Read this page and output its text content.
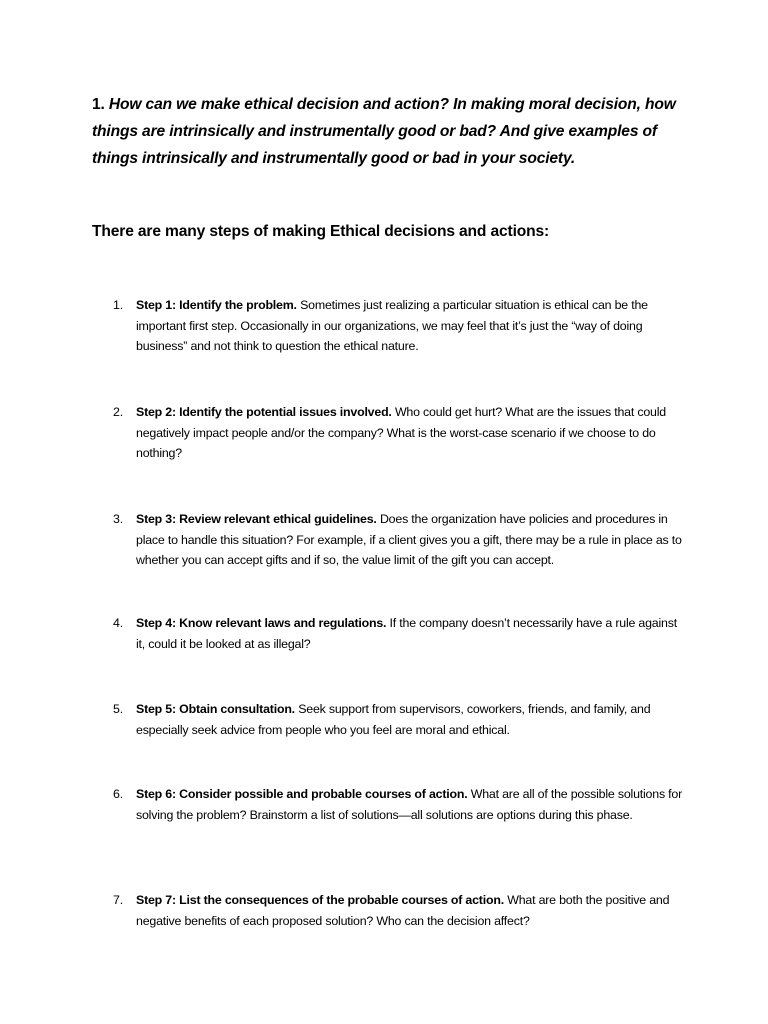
1. How can we make ethical decision and action? In making moral decision, how things are intrinsically and instrumentally good or bad? And give examples of things intrinsically and instrumentally good or bad in your society.

There are many steps of making Ethical decisions and actions:

1.	Step 1: Identify the problem. Sometimes just realizing a particular situation is ethical can be the important first step. Occasionally in our organizations, we may feel that it’s just the “way of doing business” and not think to question the ethical nature.
2.	Step 2: Identify the potential issues involved. Who could get hurt? What are the issues that could negatively impact people and/or the company? What is the worst-case scenario if we choose to do nothing?
3.	Step 3: Review relevant ethical guidelines. Does the organization have policies and procedures in place to handle this situation? For example, if a client gives you a gift, there may be a rule in place as to whether you can accept gifts and if so, the value limit of the gift you can accept.
4.	Step 4: Know relevant laws and regulations. If the company doesn’t necessarily have a rule against it, could it be looked at as illegal?
5.	Step 5: Obtain consultation. Seek support from supervisors, coworkers, friends, and family, and especially seek advice from people who you feel are moral and ethical.
6.	Step 6: Consider possible and probable courses of action. What are all of the possible solutions for solving the problem? Brainstorm a list of solutions—all solutions are options during this phase.
7.	Step 7: List the consequences of the probable courses of action. What are both the positive and negative benefits of each proposed solution? Who can the decision affect?
